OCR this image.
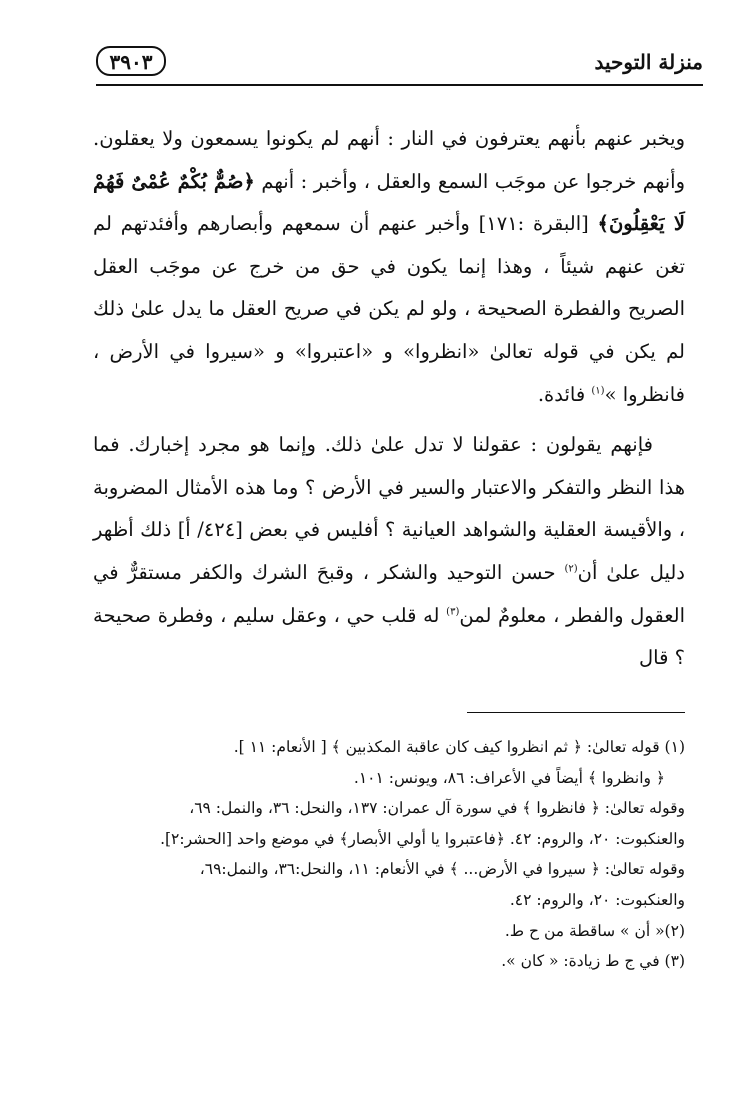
منزلة التوحيد
٣٩٠٣

ويخبر عنهم بأنهم يعترفون في النار : أنهم لم يكونوا يسمعون ولا يعقلون. وأنهم خرجوا عن موجَب السمع والعقل ، وأخبر : أنهم ﴿صُمٌّ بُكْمٌ عُمْىٌ فَهُمْ لَا يَعْقِلُونَ﴾ [البقرة :١٧١] وأخبر عنهم أن سمعهم وأبصارهم وأفئدتهم لم تغن عنهم شيئاً ، وهذا إنما يكون في حق من خرج عن موجَب العقل الصريح والفطرة الصحيحة ، ولو لم يكن في صريح العقل ما يدل علىٰ ذلك لم يكن في قوله تعالىٰ «انظروا» و «اعتبروا» و «سيروا في الأرض ، فانظروا »$^{(١)}$ فائدة.

فإنهم يقولون : عقولنا لا تدل علىٰ ذلك. وإنما هو مجرد إخبارك. فما هذا النظر والتفكر والاعتبار والسير في الأرض ؟ وما هذه الأمثال المضروبة ، والأقيسة العقلية والشواهد العيانية ؟ أفليس في بعض [٤٢٤/ أ] ذلك أظهر دليل علىٰ أن$^{(٢)}$ حسن التوحيد والشكر ، وقبحَ الشرك والكفر مستقرٌّ في العقول والفطر ، معلومٌ لمن$^{(٣)}$ له قلب حي ، وعقل سليم ، وفطرة صحيحة ؟ قال

(١) قوله تعالىٰ: ﴿ ثم انظروا كيف كان عاقبة المكذبين ﴾ [ الأنعام: ١١ ].

﴿ وانظروا ﴾ أيضاً في الأعراف: ٨٦، ويونس: ١٠١.

وقوله تعالىٰ: ﴿ فانظروا ﴾ في سورة آل عمران: ١٣٧، والنحل: ٣٦، والنمل: ٦٩،

والعنكبوت: ٢٠، والروم: ٤٢. ﴿فاعتبروا يا أولي الأبصار﴾ في موضع واحد [الحشر:٢].

وقوله تعالىٰ: ﴿ سيروا في الأرض... ﴾ في الأنعام: ١١، والنحل:٣٦، والنمل:٦٩،

والعنكبوت: ٢٠، والروم: ٤٢.

(٢)« أن » ساقطة من ح ط.

(٣) في ج ط زيادة: « كان ».
